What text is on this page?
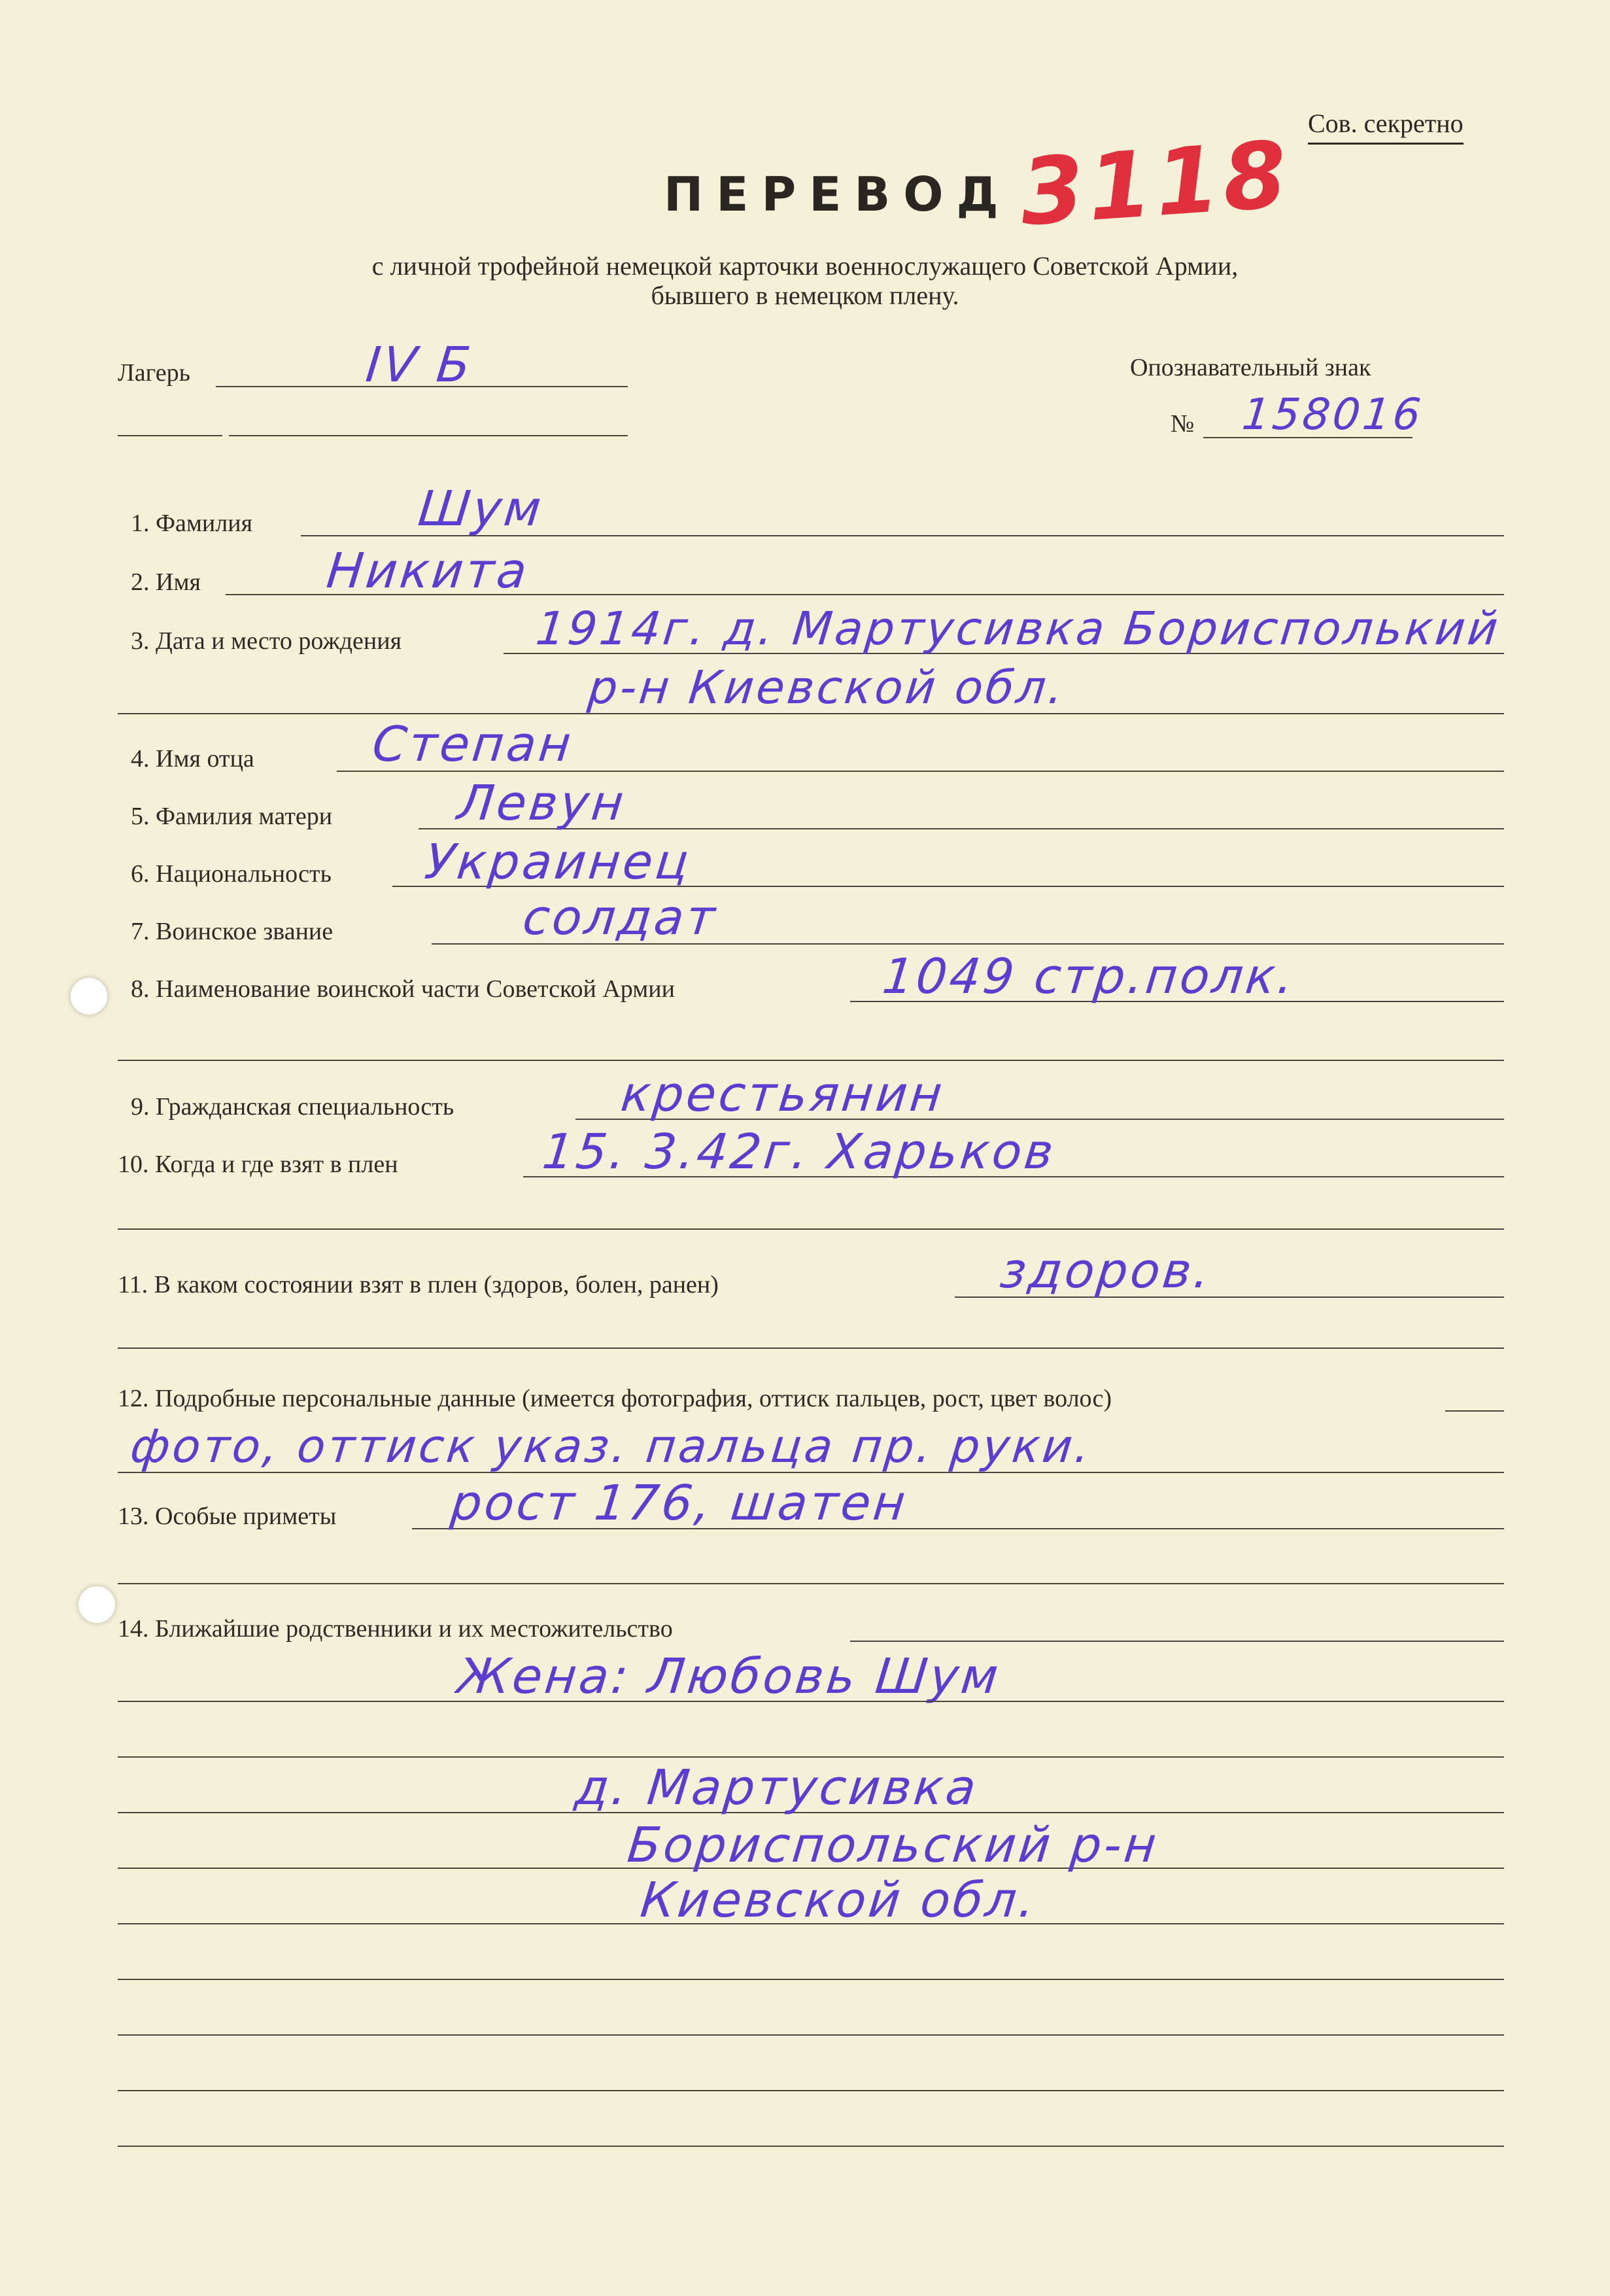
Сов. секретно
ПЕРЕВОД 3118
с личной трофейной немецкой карточки военнослужащего Советской Армии,
бывшего в немецком плену.
Лагерь	IV Б	Опознавательный знак
№ 158016
1. Фамилия	Шум
2. Имя	Никита
3. Дата и место рождения	1914г. д. Мартусивка Борисполький
р-н Киевской обл.
4. Имя отца Степан
5. Фамилия матери	Левун
6. Национальность Украинец
7. Воинское звание	солдат
8. Наименование воинской части Советской Армии	1049 стр.полк.
9. Гражданская специальность	крестьянин
10. Когда и где взят в плен	15. 3.42г. Харьков
11. В каком состоянии взят в плен (здоров, болен, ранен)	здоров.
12. Подробные персональные данные (имеется фотография, оттиск пальцев, рост, цвет волос)
фото, оттиск указ. пальца пр. руки.
13. Особые приметы рост 176, шатен
14. Ближайшие родственники и их местожительство
Жена: Любовь Шум
д. Мартусивка
Бориспольский р-н
Киевской обл.
